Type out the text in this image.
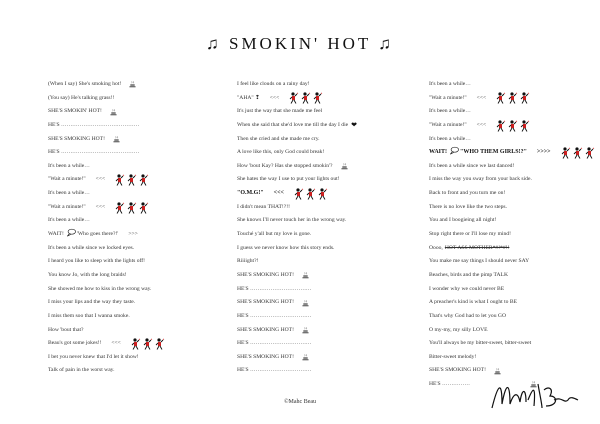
♫ SMOKIN' HOT ♫
(When I say) She's smoking hot!
(You say) He's talking grass!!
SHE'S SMOKIN' HOT!
HE'S ……………………………………
SHE'S SMOKING HOT!
HE'S ……………………………………
It's been a while…
"Wait a minute!" <<<
It's been a while…
"Wait a minute!" <<<
It's been a while…
WAIT! 'Who goes there?!' >>>
It's been a while since we locked eyes.
I heard you like to sleep with the lights off!
You know Jo, with the long braids!
She showed me how to kiss in the wrong way.
I miss your lips and the way they taste.
I miss them soo that I wanna smoke.
How 'bout that?
Beau's got some jokes!! <<<
I bet you never knew that I'd let it show!
Talk of pain in the worst way.
I feel like clouds on a rainy day!
"AHA" ❢ <<<
It's just the way that she made me feel
When she said that she'd love me till the day I die ❤
Then she cried and she made me cry.
A love like this, only God could break!
How 'bout Kay? Has she stopped smokin'?
She hates the way I use to put your lights out!
"O.M.G!" <<<
I didn't mean THAT!?!!
She knows I'll never touch her in the wrong way.
Touché y'all but my love is gone.
I guess we never know how this story ends.
Riiiight?!
SHE'S SMOKING HOT!
HE'S ……………………………
SHE'S SMOKING HOT!
HE'S ……………………………
SHE'S SMOKING HOT!
HE'S ……………………………
SHE'S SMOKING HOT!
HE'S ……………………………
It's been a while…
"Wait a minute!" <<<
It's been a while…
"Wait a minute!" <<<
It's been a while…
WAIT! "WHO THEM GIRLS!?" >>>>
It's been a while since we last danced!
I miss the way you sway from your back side.
Back to front and you turn me on!
There is no love like the two steps.
You and I boogieing all night!
Stop right there or I'll lose my mind!
Oooo, HOT ASS MOTHER*#!*#!!
You make me say things I should never SAY
Beaches, birds and the pimp TALK
I wonder why we could never BE
A preacher's kind is what I ought to BE
That's why God had to let you GO
O my-my, my silly LOVE
You'll always be my bitter-sweet, bitter-sweet
Bitter-sweet melody!
SHE'S SMOKING HOT!
HE'S ……………
©Mahc Beau
